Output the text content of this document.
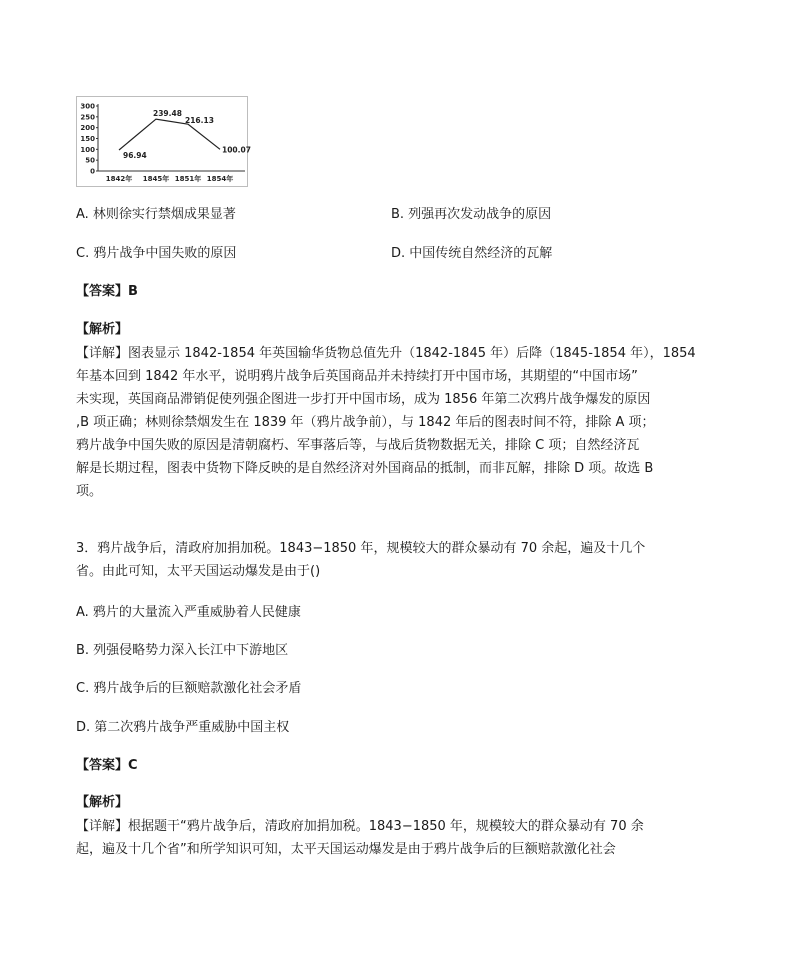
0
50
100
150
200
250
300
1842年 1845年 1851年 1854年
96.94
239.48
216.13
100.07
A. 林则徐实行禁烟成果显著	B. 列强再次发动战争的原因
C. 鸦片战争中国失败的原因	D. 中国传统自然经济的瓦解
【答案】B
【解析】
【详解】图表显示 1842-1854 年英国输华货物总值先升（1842-1845 年）后降（1845-1854 年），1854
年基本回到 1842 年水平，说明鸦片战争后英国商品并未持续打开中国市场，其期望的“中国市场”
未实现，英国商品滞销促使列强企图进一步打开中国市场，成为 1856 年第二次鸦片战争爆发的原因
,B 项正确；林则徐禁烟发生在 1839 年（鸦片战争前），与 1842 年后的图表时间不符，排除 A 项；
鸦片战争中国失败的原因是清朝腐朽、军事落后等，与战后货物数据无关，排除 C 项；自然经济瓦
解是长期过程，图表中货物下降反映的是自然经济对外国商品的抵制，而非瓦解，排除 D 项。故选 B
项。
3．鸦片战争后，清政府加捐加税。1843−1850 年，规模较大的群众暴动有 70 余起，遍及十几个
省。由此可知，太平天国运动爆发是由于()
A. 鸦片的大量流入严重威胁着人民健康
B. 列强侵略势力深入长江中下游地区
C. 鸦片战争后的巨额赔款激化社会矛盾
D. 第二次鸦片战争严重威胁中国主权
【答案】C
【解析】
【详解】根据题干“鸦片战争后，清政府加捐加税。1843−1850 年，规模较大的群众暴动有 70 余
起，遍及十几个省”和所学知识可知，太平天国运动爆发是由于鸦片战争后的巨额赔款激化社会
